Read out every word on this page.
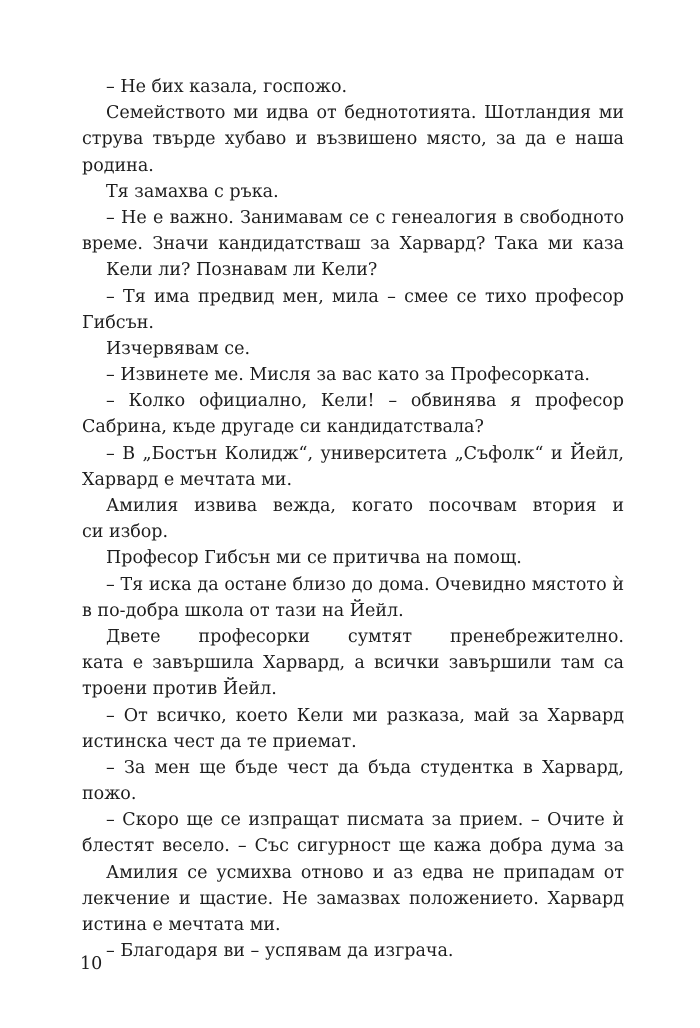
– Не бих казала, госпожо.
Семейството ми идва от беднототията. Шотландия ми
струва твърде хубаво и възвишено място, за да е наша
родина.
Тя замахва с ръка.
– Не е важно. Занимавам се с генеалогия в свободното
време. Значи кандидатстваш за Харвард? Така ми каза
Кели ли? Познавам ли Кели?
– Тя има предвид мен, мила – смее се тихо професор
Гибсън.
Изчервявам се.
– Извинете ме. Мисля за вас като за Професорката.
– Колко официално, Кели! – обвинява я професор
Сабрина, къде другаде си кандидатствала?
– В „Бостън Колидж“, университета „Съфолк“ и Йейл,
Харвард е мечтата ми.
Амилия извива вежда, когато посочвам втория и
си избор.
Професор Гибсън ми се притичва на помощ.
– Тя иска да остане близо до дома. Очевидно мястото ѝ
в по-добра школа от тази на Йейл.
Двете професорки сумтят пренебрежително.
ката е завършила Харвард, а всички завършили там са
троени против Йейл.
– От всичко, което Кели ми разказа, май за Харвард
истинска чест да те приемат.
– За мен ще бъде чест да бъда студентка в Харвард,
пожо.
– Скоро ще се изпращат писмата за прием. – Очите ѝ
блестят весело. – Със сигурност ще кажа добра дума за
Амилия се усмихва отново и аз едва не припадам от
лекчение и щастие. Не замазвах положението. Харвард
истина е мечтата ми.
– Благодаря ви – успявам да изграча.
10
